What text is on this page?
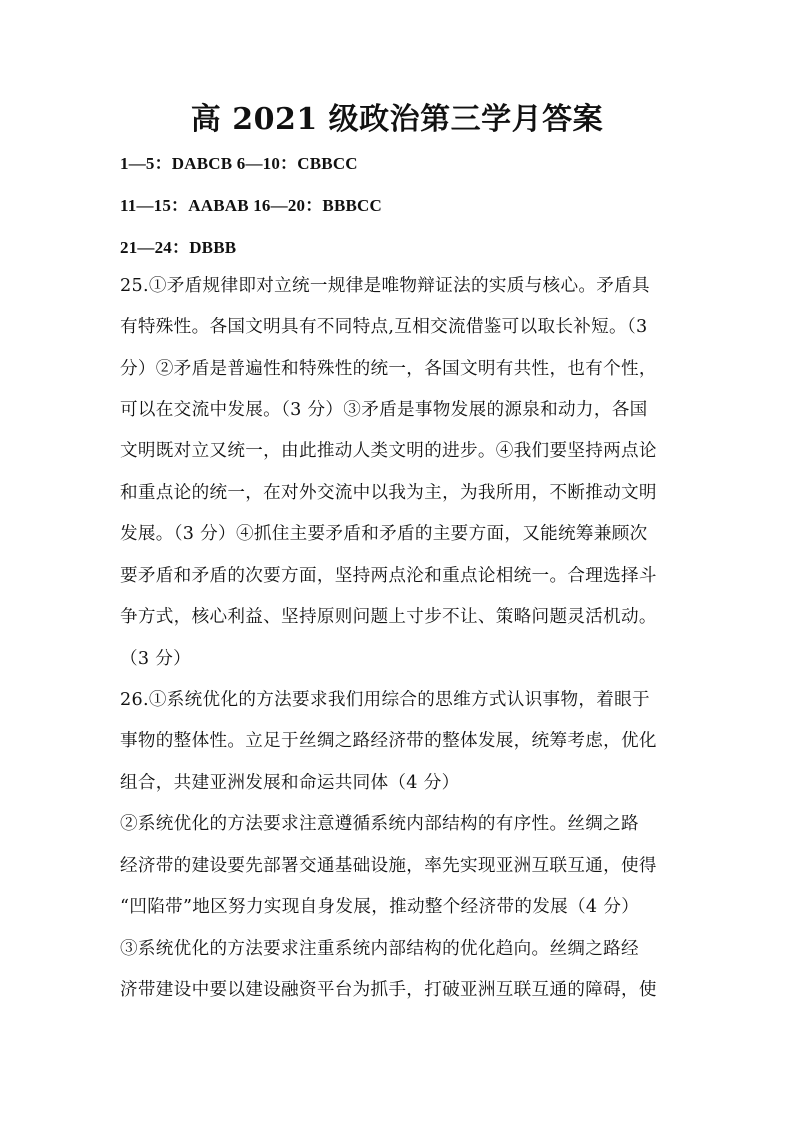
高 2021 级政治第三学月答案
1—5：DABCB 6—10：CBBCC
11—15：AABAB 16—20：BBBCC
21—24：DBBB
25.①矛盾规律即对立统一规律是唯物辩证法的实质与核心。矛盾具
有特殊性。各国文明具有不同特点,互相交流借鉴可以取长补短。（3
分）②矛盾是普遍性和特殊性的统一，各国文明有共性，也有个性，
可以在交流中发展。（3 分）③矛盾是事物发展的源泉和动力，各国
文明既对立又统一，由此推动人类文明的进步。④我们要坚持两点论
和重点论的统一，在对外交流中以我为主，为我所用，不断推动文明
发展。（3 分）④抓住主要矛盾和矛盾的主要方面，又能统筹兼顾次
要矛盾和矛盾的次要方面，坚持两点沦和重点论相统一。合理选择斗
争方式，核心利益、坚持原则问题上寸步不让、策略问题灵活机动。
（3 分）
26.①系统优化的方法要求我们用综合的思维方式认识事物，着眼于
事物的整体性。立足于丝绸之路经济带的整体发展，统筹考虑，优化
组合，共建亚洲发展和命运共同体（4 分）
②系统优化的方法要求注意遵循系统内部结构的有序性。丝绸之路
经济带的建设要先部署交通基础设施，率先实现亚洲互联互通，使得
“凹陷带”地区努力实现自身发展，推动整个经济带的发展（4 分）
③系统优化的方法要求注重系统内部结构的优化趋向。丝绸之路经
济带建设中要以建设融资平台为抓手，打破亚洲互联互通的障碍，使
